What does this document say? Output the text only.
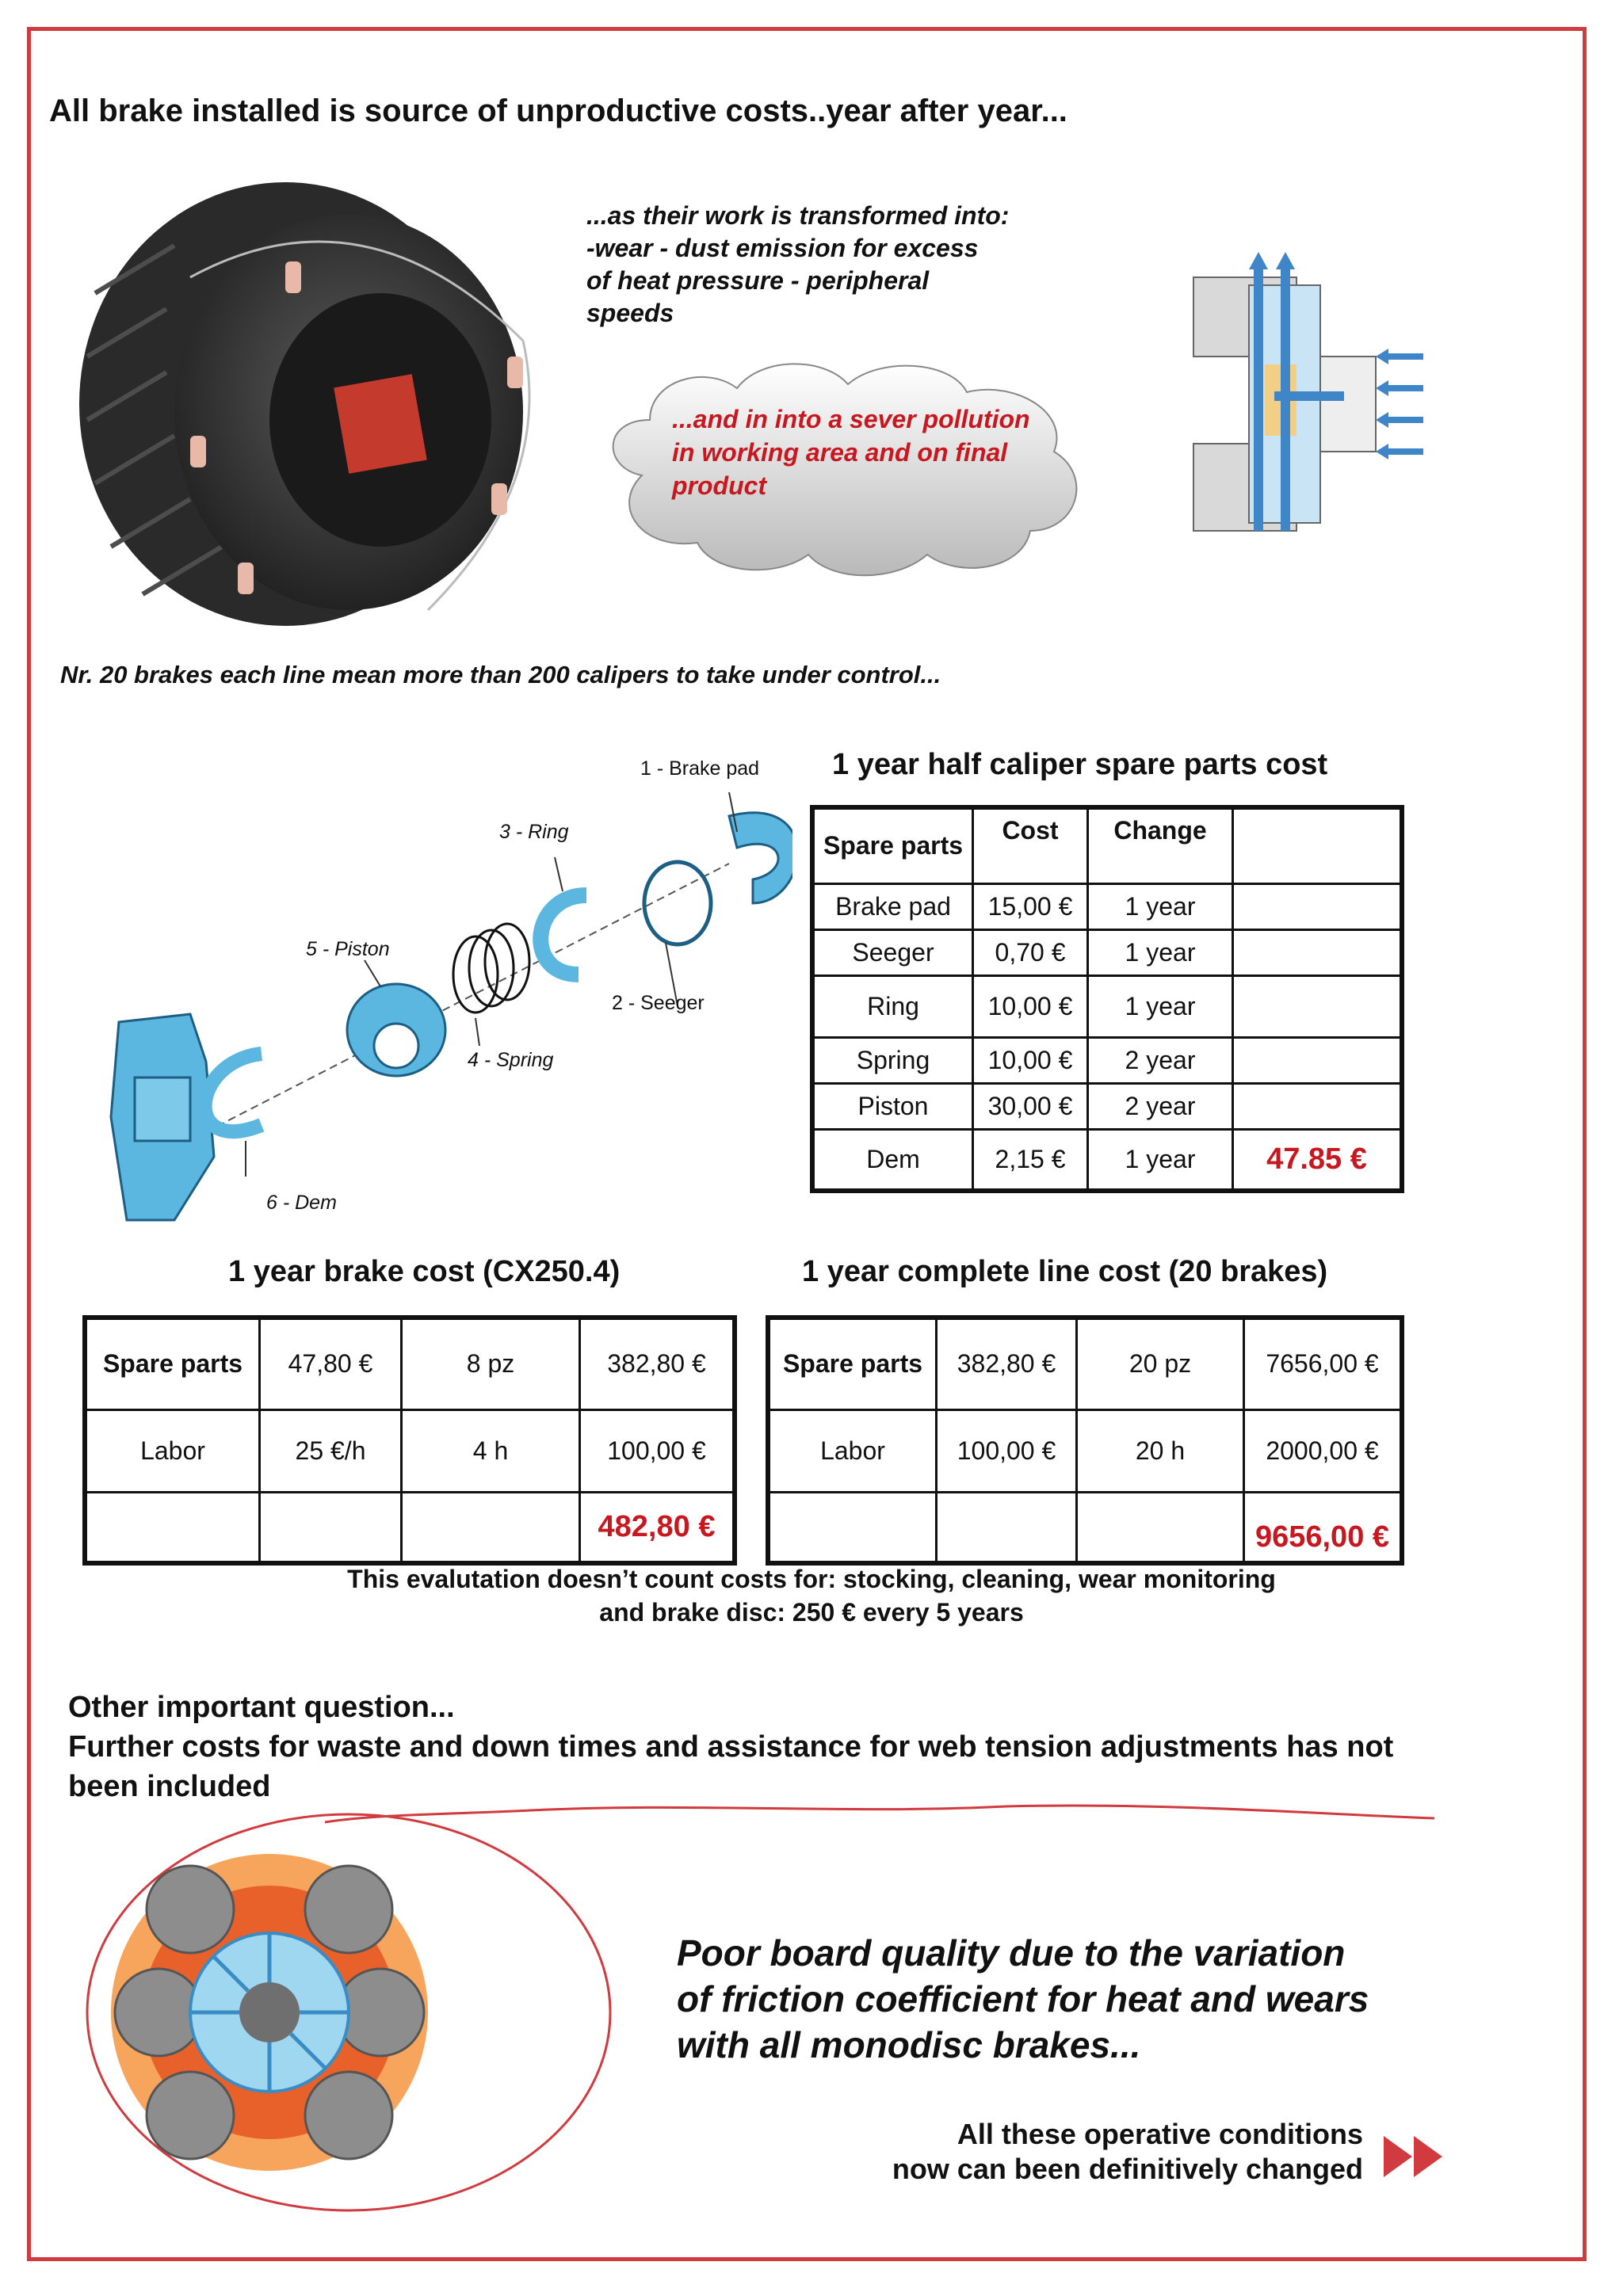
All brake installed is source of unproductive costs..year after year...
...as their work is transformed into:
-wear - dust emission for excess
of heat pressure - peripheral
speeds
...and in into a sever pollution
in working area and on final
product
Nr. 20 brakes each line mean more than 200 calipers to take under control...
1 - Brake pad
3 - Ring
5 - Piston
2 - Seeger
4 - Spring
6 - Dem
1 year half caliper spare parts cost
Spare parts	Cost	Change	
Brake pad	15,00 €	1 year	
Seeger	0,70 €	1 year	
Ring	10,00 €	1 year	
Spring	10,00 €	2 year	
Piston	30,00 €	2 year	
Dem	2,15 €	1 year	47.85 €
1 year brake cost (CX250.4)
Spare parts	47,80 €	8 pz	382,80 €
Labor	25 €/h	4 h	100,00 €
			482,80 €
1 year complete line cost (20 brakes)
Spare parts	382,80 €	20 pz	7656,00 €
Labor	100,00 €	20 h	2000,00 €
			9656,00 €
This evalutation doesn’t count costs for: stocking, cleaning, wear monitoring
and brake disc: 250 € every 5 years
Other important question...
Further costs for waste and down times and assistance for web tension adjustments has not
been included
Poor board quality due to the variation
of friction coefficient for heat and wears
with all monodisc brakes...
All these operative conditions
now can been definitively changed
